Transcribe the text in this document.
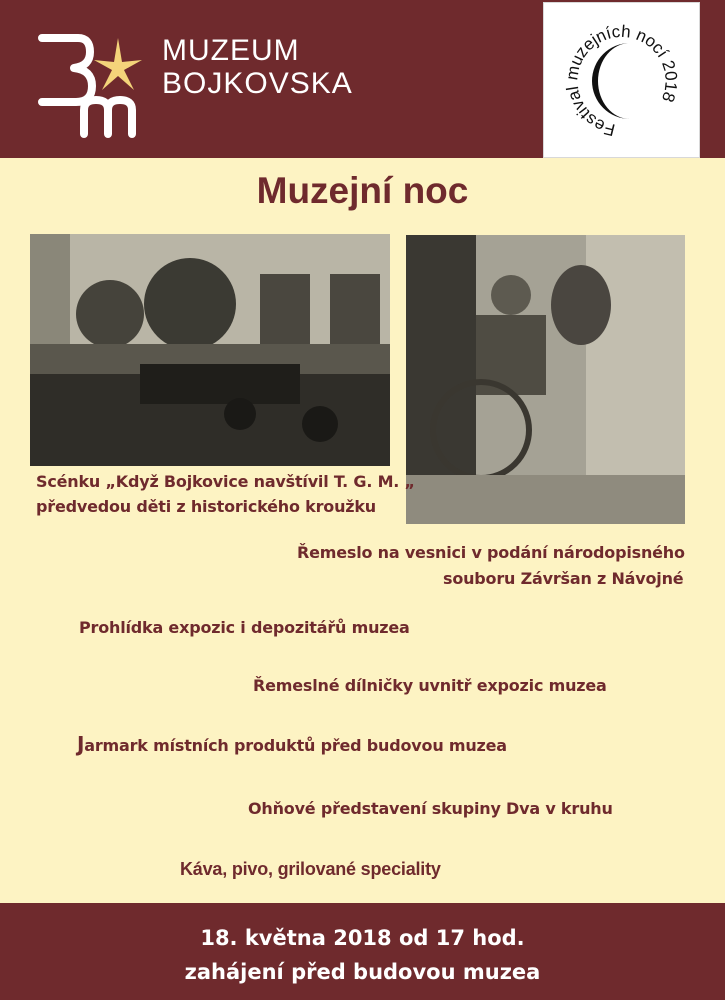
MUZEUM
BOJKOVSKA
Festival muzejních nocí 2018
Muzejní noc
Scénku „Když Bojkovice navštívil T. G. M. „
předvedou děti z historického kroužku
Řemeslo na vesnici v podání národopisného
souboru Závršan z Návojné
Prohlídka expozic i depozitářů muzea
Řemeslné dílničky uvnitř expozic muzea
Jarmark místních produktů před budovou muzea
Ohňové představení skupiny Dva v kruhu
Káva, pivo, grilované speciality
18. května 2018 od 17 hod.
zahájení před budovou muzea
